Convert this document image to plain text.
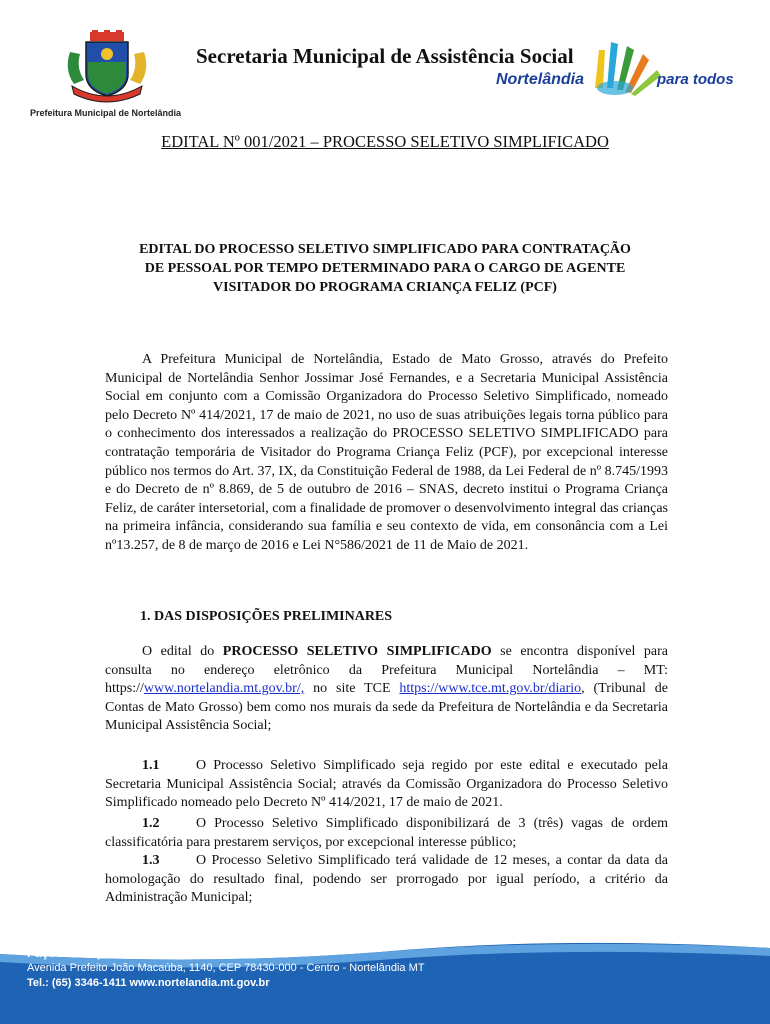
Prefeitura Municipal de Nortelândia
Secretaria Municipal de Assistência Social
Nortelândia	para todos
EDITAL Nº 001/2021 – PROCESSO SELETIVO SIMPLIFICADO
EDITAL DO PROCESSO SELETIVO SIMPLIFICADO PARA CONTRATAÇÃO
DE PESSOAL POR TEMPO DETERMINADO PARA O CARGO DE AGENTE
VISITADOR DO PROGRAMA CRIANÇA FELIZ (PCF)

A Prefeitura Municipal de Nortelândia, Estado de Mato Grosso, através do Prefeito Municipal de Nortelândia Senhor Jossimar José Fernandes, e a Secretaria Municipal Assistência Social em conjunto com a Comissão Organizadora do Processo Seletivo Simplificado, nomeado pelo Decreto Nº 414/2021, 17 de maio de 2021, no uso de suas atribuições legais torna público para o conhecimento dos interessados a realização do PROCESSO SELETIVO SIMPLIFICADO para contratação temporária de Visitador do Programa Criança Feliz (PCF), por excepcional interesse público nos termos do Art. 37, IX, da Constituição Federal de 1988, da Lei Federal de nº 8.745/1993 e do Decreto de nº 8.869, de 5 de outubro de 2016 – SNAS, decreto institui o Programa Criança Feliz, de caráter intersetorial, com a finalidade de promover o desenvolvimento integral das crianças na primeira infância, considerando sua família e seu contexto de vida, em consonância com a Lei nº13.257, de 8 de março de 2016 e Lei N°586/2021 de 11 de Maio de 2021.

1. DAS DISPOSIÇÕES PRELIMINARES

O edital do PROCESSO SELETIVO SIMPLIFICADO se encontra disponível para consulta no endereço eletrônico da Prefeitura Municipal Nortelândia – MT: https://www.nortelandia.mt.gov.br/, no site TCE https://www.tce.mt.gov.br/diario, (Tribunal de Contas de Mato Grosso) bem como nos murais da sede da Prefeitura de Nortelândia e da Secretaria Municipal Assistência Social;

1.1	O Processo Seletivo Simplificado seja regido por este edital e executado pela Secretaria Municipal Assistência Social; através da Comissão Organizadora do Processo Seletivo Simplificado nomeado pelo Decreto Nº 414/2021, 17 de maio de 2021.

1.2	O Processo Seletivo Simplificado disponibilizará de 3 (três) vagas de ordem classificatória para prestarem serviços, por excepcional interesse público;

1.3	O Processo Seletivo Simplificado terá validade de 12 meses, a contar da data da homologação do resultado final, podendo ser prorrogado por igual período, a critério da Administração Municipal;

Paço Municipal Prefeito Pedro Coelho Ormond
Avenida Prefeito João Macaúba, 1140, CEP 78430-000 - Centro - Nortelândia MT
Tel.: (65) 3346-1411 www.nortelandia.mt.gov.br
